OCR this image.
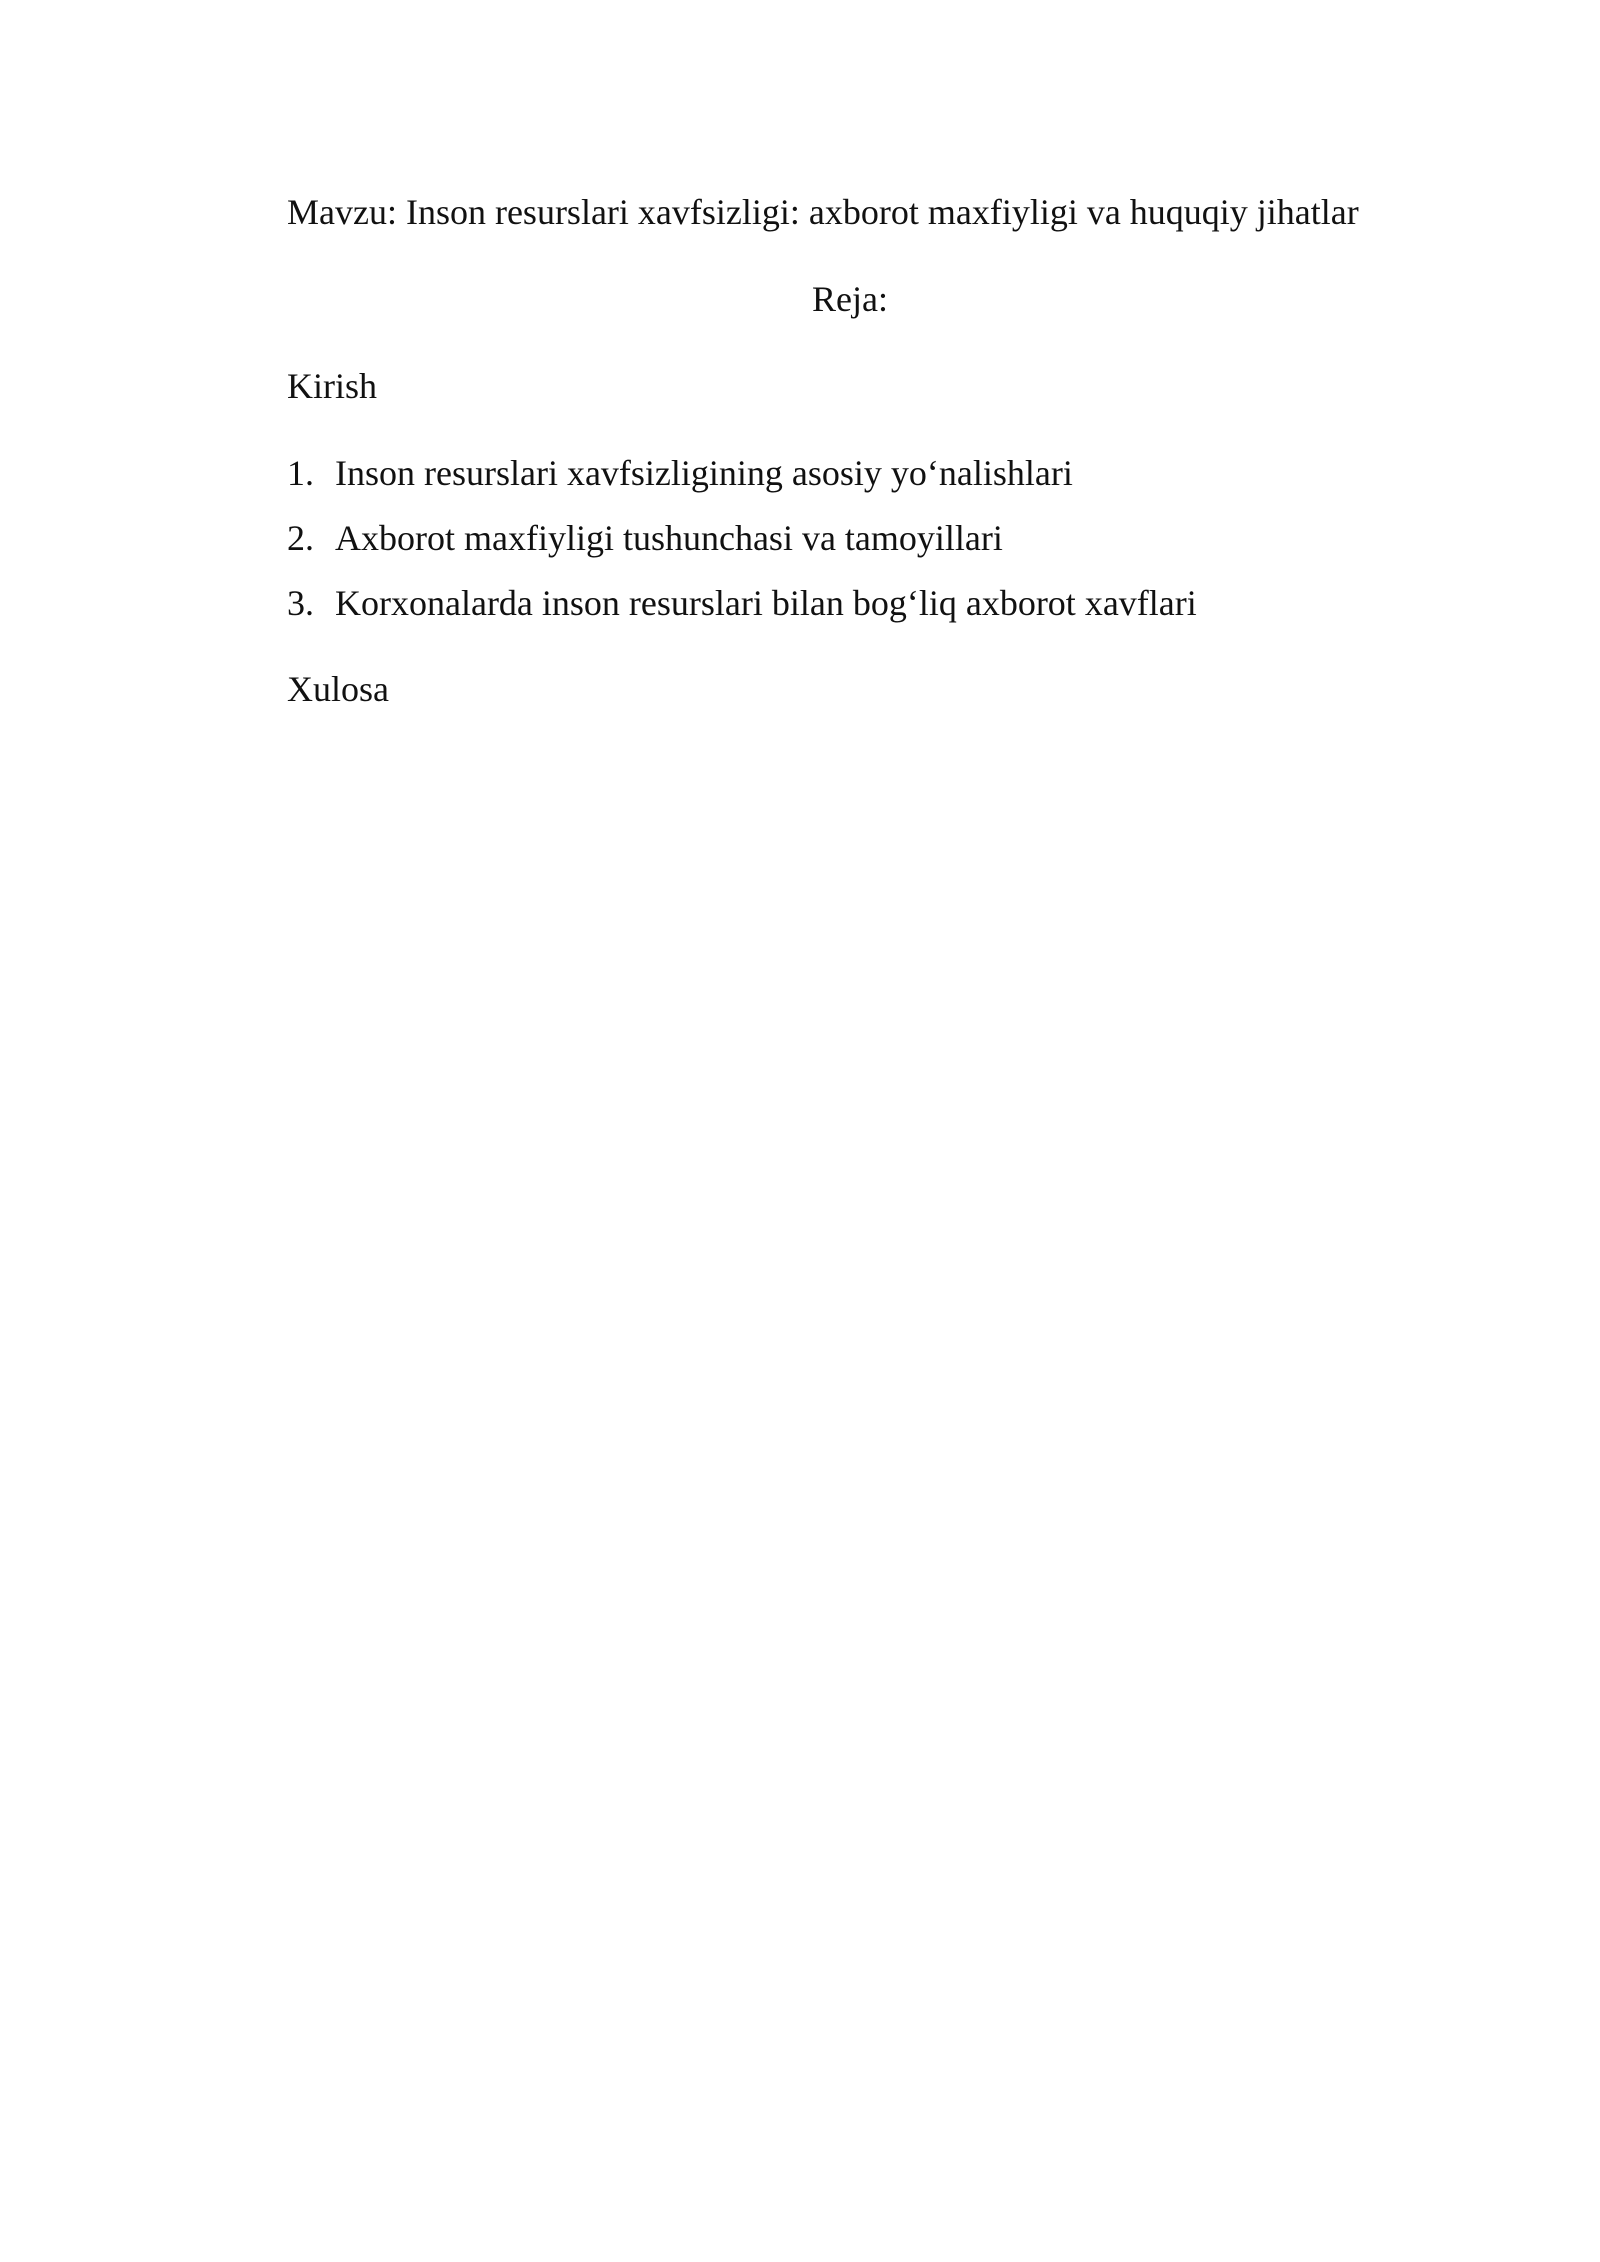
Mavzu: Inson resurslari xavfsizligi: axborot maxfiyligi va huquqiy jihatlar
Reja:

Kirish

1. Inson resurslari xavfsizligining asosiy yo‘nalishlari
2. Axborot maxfiyligi tushunchasi va tamoyillari
3. Korxonalarda inson resurslari bilan bog‘liq axborot xavflari

Xulosa
